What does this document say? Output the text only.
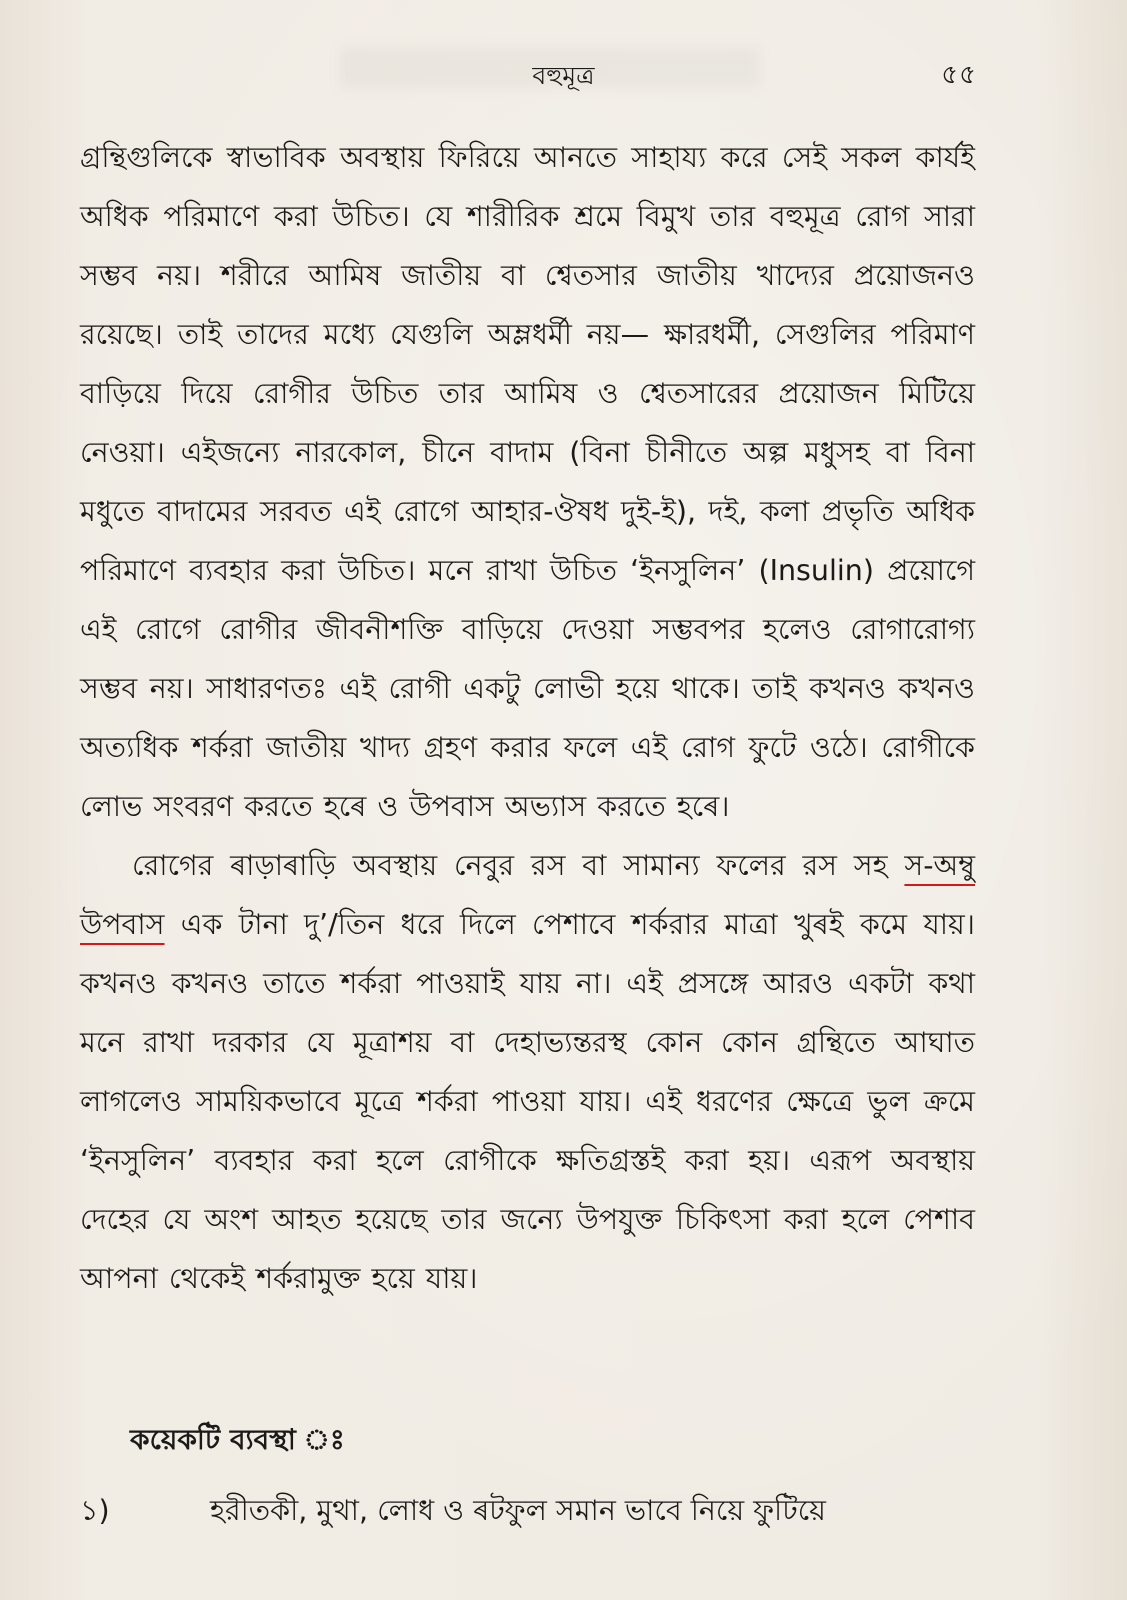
বহুমূত্র	৫৫

গ্রন্থিগুলিকে স্বাভাবিক অবস্থায় ফিরিয়ে আনতে সাহায্য করে সেই সকল কার্যই অধিক পরিমাণে করা উচিত। যে শারীরিক শ্রমে বিমুখ তার বহুমূত্র রোগ সারা সম্ভব নয়। শরীরে আমিষ জাতীয় বা শ্বেতসার জাতীয় খাদ্যের প্রয়োজনও রয়েছে। তাই তাদের মধ্যে যেগুলি অম্লধর্মী নয়— ক্ষারধর্মী, সেগুলির পরিমাণ বাড়িয়ে দিয়ে রোগীর উচিত তার আমিষ ও শ্বেতসারের প্রয়োজন মিটিয়ে নেওয়া। এইজন্যে নারকোল, চীনে বাদাম (বিনা চীনীতে অল্প মধুসহ বা বিনা মধুতে বাদামের সরবত এই রোগে আহার-ঔষধ দুই-ই), দই, কলা প্রভৃতি অধিক পরিমাণে ব্যবহার করা উচিত। মনে রাখা উচিত ‘ইনসুলিন’ (Insulin) প্রয়োগে এই রোগে রোগীর জীবনীশক্তি বাড়িয়ে দেওয়া সম্ভবপর হলেও রোগারোগ্য সম্ভব নয়। সাধারণতঃ এই রোগী একটু লোভী হয়ে থাকে। তাই কখনও কখনও অত্যধিক শর্করা জাতীয় খাদ্য গ্রহণ করার ফলে এই রোগ ফুটে ওঠে। রোগীকে লোভ সংবরণ করতে হৰে ও উপবাস অভ্যাস করতে হৰে।

রোগের ৰাড়াৰাড়ি অবস্থায় নেবুর রস বা সামান্য ফলের রস সহ স-অম্বু উপবাস এক টানা দু’/তিন ধরে দিলে পেশাবে শর্করার মাত্রা খুৰই কমে যায়। কখনও কখনও তাতে শর্করা পাওয়াই যায় না। এই প্রসঙ্গে আরও একটা কথা মনে রাখা দরকার যে মূত্রাশয় বা দেহাভ্যন্তরস্থ কোন কোন গ্রন্থিতে আঘাত লাগলেও সাময়িকভাবে মূত্রে শর্করা পাওয়া যায়। এই ধরণের ক্ষেত্রে ভুল ক্রমে ‘ইনসুলিন’ ব্যবহার করা হলে রোগীকে ক্ষতিগ্রস্তই করা হয়। এরূপ অবস্থায় দেহের যে অংশ আহত হয়েছে তার জন্যে উপযুক্ত চিকিৎসা করা হলে পেশাব আপনা থেকেই শর্করামুক্ত হয়ে যায়।

কয়েকটি ব্যবস্থা ঃ
১)	হরীতকী, মুথা, লোধ ও ৰটফুল সমান ভাবে নিয়ে ফুটিয়ে
